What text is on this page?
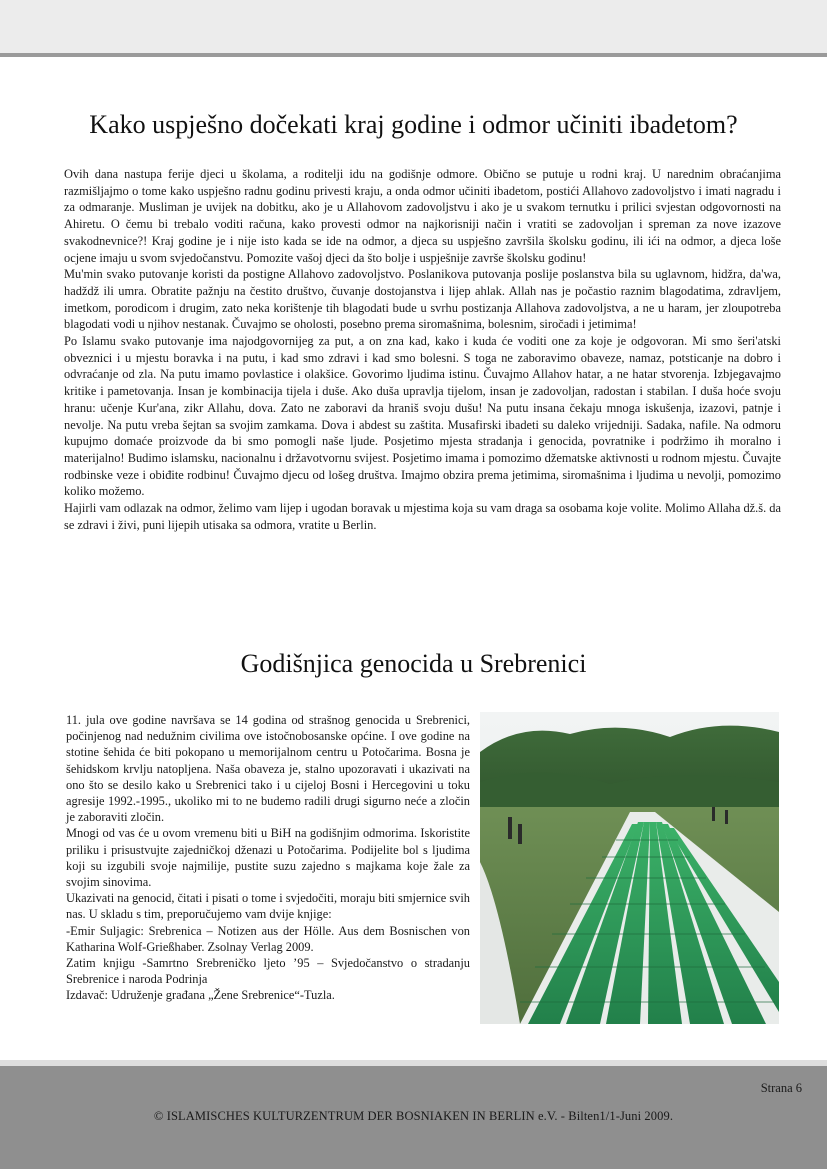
Kako uspješno dočekati kraj godine i odmor učiniti ibadetom?

Ovih dana nastupa ferije djeci u školama, a roditelji idu na godišnje odmore. Obično se putuje u rodni kraj. U narednim obraćanjima razmišljajmo o tome kako uspješno radnu godinu privesti kraju, a onda odmor učiniti ibadetom, postići Allahovo zadovoljstvo i imati nagradu i za odmaranje. Musliman je uvijek na dobitku, ako je u Allahovom zadovoljstvu i ako je u svakom ternutku i prilici svjestan odgovornosti na Ahiretu. O čemu bi trebalo voditi računa, kako provesti odmor na najkorisniji način i vratiti se zadovoljan i spreman za nove izazove svakodnevnice?! Kraj godine je i nije isto kada se ide na odmor, a djeca su uspješno završila školsku godinu, ili ići na odmor, a djeca loše ocjene imaju u svom svjedočanstvu. Pomozite vašoj djeci da što bolje i uspješnije završe školsku godinu!

Mu'min svako putovanje koristi da postigne Allahovo zadovoljstvo. Poslanikova putovanja poslije poslanstva bila su uglavnom, hidžra, da'wa, hadždž ili umra. Obratite pažnju na čestito društvo, čuvanje dostojanstva i lijep ahlak. Allah nas je počastio raznim blagodatima, zdravljem, imetkom, porodicom i drugim, zato neka korištenje tih blagodati bude u svrhu postizanja Allahova zadovoljstva, a ne u haram, jer zloupotreba blagodati vodi u njihov nestanak. Čuvajmo se oholosti, posebno prema siromašnima, bolesnim, siročadi i jetimima!

Po Islamu svako putovanje ima najodgovornijeg za put, a on zna kad, kako i kuda će voditi one za koje je odgovoran. Mi smo šeri'atski obveznici i u mjestu boravka i na putu, i kad smo zdravi i kad smo bolesni. S toga ne zaboravimo obaveze, namaz, potsticanje na dobro i odvraćanje od zla. Na putu imamo povlastice i olakšice. Govorimo ljudima istinu. Čuvajmo Allahov hatar, a ne hatar stvorenja. Izbjegavajmo kritike i pametovanja. Insan je kombinacija tijela i duše. Ako duša upravlja tijelom, insan je zadovoljan, radostan i stabilan. I duša hoće svoju hranu: učenje Kur'ana, zikr Allahu, dova. Zato ne zaboravi da hraniš svoju dušu! Na putu insana čekaju mnoga iskušenja, izazovi, patnje i nevolje. Na putu vreba šejtan sa svojim zamkama. Dova i abdest su zaštita. Musafirski ibadeti su daleko vrijedniji. Sadaka, nafile. Na odmoru kupujmo domaće proizvode da bi smo pomogli naše ljude. Posjetimo mjesta stradanja i genocida, povratnike i podržimo ih moralno i materijalno! Budimo islamsku, nacionalnu i državotvornu svijest. Posjetimo imama i pomozimo džematske aktivnosti u rodnom mjestu. Čuvajte rodbinske veze i obiđite rodbinu! Čuvajmo djecu od lošeg društva. Imajmo obzira prema jetimima, siromašnima i ljudima u nevolji, pomozimo koliko možemo.

Hajirli vam odlazak na odmor, želimo vam lijep i ugodan boravak u mjestima koja su vam draga sa osobama koje volite. Molimo Allaha dž.š. da se zdravi i živi, puni lijepih utisaka sa odmora, vratite u Berlin.

Godišnjica genocida u Srebrenici

11. jula ove godine navršava se 14 godina od strašnog genocida u Srebrenici, počinjenog nad nedužnim civilima ove istočnobosanske općine. I ove godine na stotine šehida će biti pokopano u memorijalnom centru u Potočarima. Bosna je šehidskom krvlju natopljena. Naša obaveza je, stalno upozoravati i ukazivati na ono što se desilo kako u Srebrenici tako i u cijeloj Bosni i Hercegovini u toku agresije 1992.-1995., ukoliko mi to ne budemo radili drugi sigurno neće a zločin je zaboraviti zločin.

Mnogi od vas će u ovom vremenu biti u BiH na godišnjim odmorima. Iskoristite priliku i prisustvujte zajedničkoj dženazi u Potočarima. Podijelite bol s ljudima koji su izgubili svoje najmilije, pustite suzu zajedno s majkama koje žale za svojim sinovima.

Ukazivati na genocid, čitati i pisati o tome i svjedočiti, moraju biti smjernice svih nas. U skladu s tim, preporučujemo vam dvije knjige:

-Emir Suljagic: Srebrenica – Notizen aus der Hölle. Aus dem Bosnischen von Katharina Wolf-Grießhaber. Zsolnay Verlag 2009.

Zatim knjigu -Samrtno Srebreničko ljeto ’95 – Svjedočanstvo o stradanju Srebrenice i naroda Podrinja

Izdavač: Udruženje građana „Žene Srebrenice“-Tuzla.

Strana 6
© ISLAMISCHES KULTURZENTRUM DER BOSNIAKEN IN BERLIN e.V. - Bilten1/1-Juni 2009.
